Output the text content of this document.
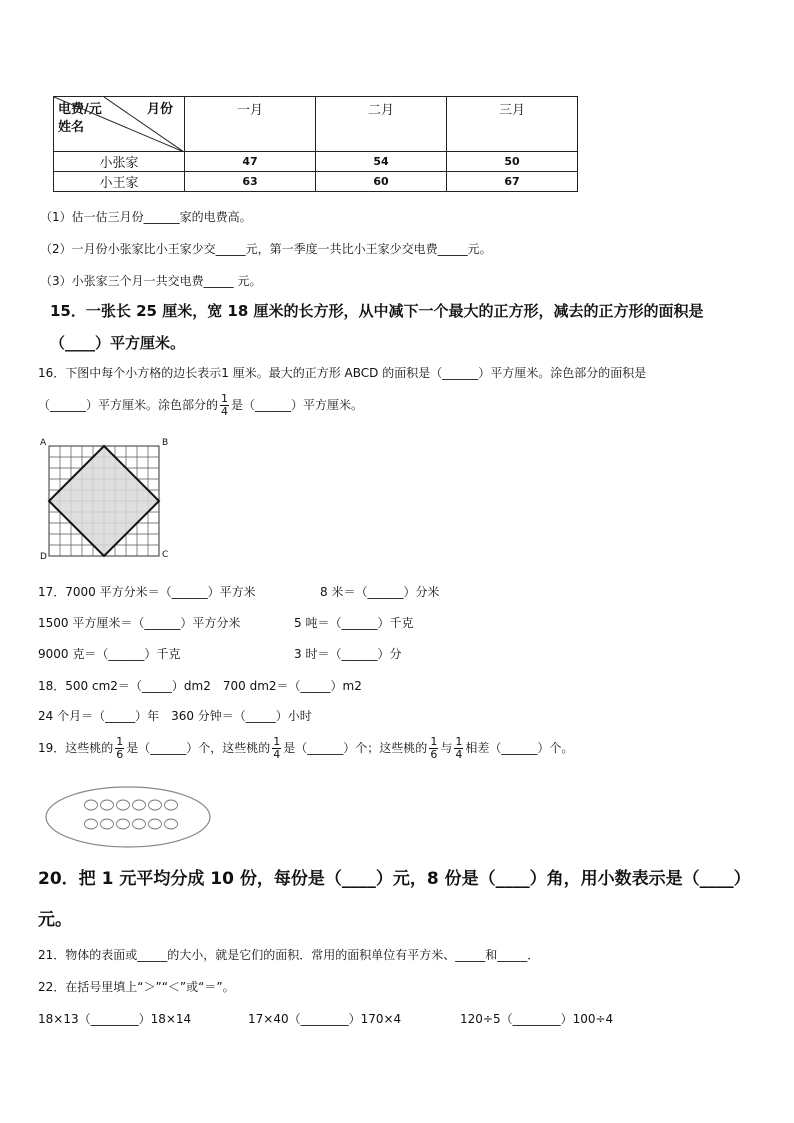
电费/元 月份
姓名	一月	二月	三月
小张家	47	54	50
小王家	63	60	67
（1）估一估三月份______家的电费高。
（2）一月份小张家比小王家少交_____元，第一季度一共比小王家少交电费_____元。
（3）小张家三个月一共交电费_____ 元。
15．一张长 25 厘米，宽 18 厘米的长方形，从中减下一个最大的正方形，减去的正方形的面积是
（____）平方厘米。
16．下图中每个小方格的边长表示1 厘米。最大的正方形 ABCD 的面积是（______）平方厘米。涂色部分的面积是
（______）平方厘米。涂色部分的 $\frac{1}{4}$ 是（______）平方厘米。
A	B
C
D
17．7000 平方分米＝（______）平方米	8 米＝（______）分米
1500 平方厘米＝（______）平方分米	5 吨＝（______）千克
9000 克＝（______）千克	3 时＝（______）分
18．500 cm2＝（_____）dm2　700 dm2＝（_____）m2
24 个月＝（_____）年　360 分钟＝（_____）小时
19．这些桃的 $\frac{1}{6}$ 是（______）个，这些桃的 $\frac{1}{4}$ 是（______）个；这些桃的 $\frac{1}{6}$ 与 $\frac{1}{4}$ 相差（______）个。
20．把 1 元平均分成 10 份，每份是（____）元，8 份是（____）角，用小数表示是（____）
元。
21．物体的表面或_____的大小，就是它们的面积．常用的面积单位有平方米、_____和_____．
22．在括号里填上“＞”“＜”或“＝”。
18×13（________）18×14	17×40（________）170×4	120÷5（________）100÷4
